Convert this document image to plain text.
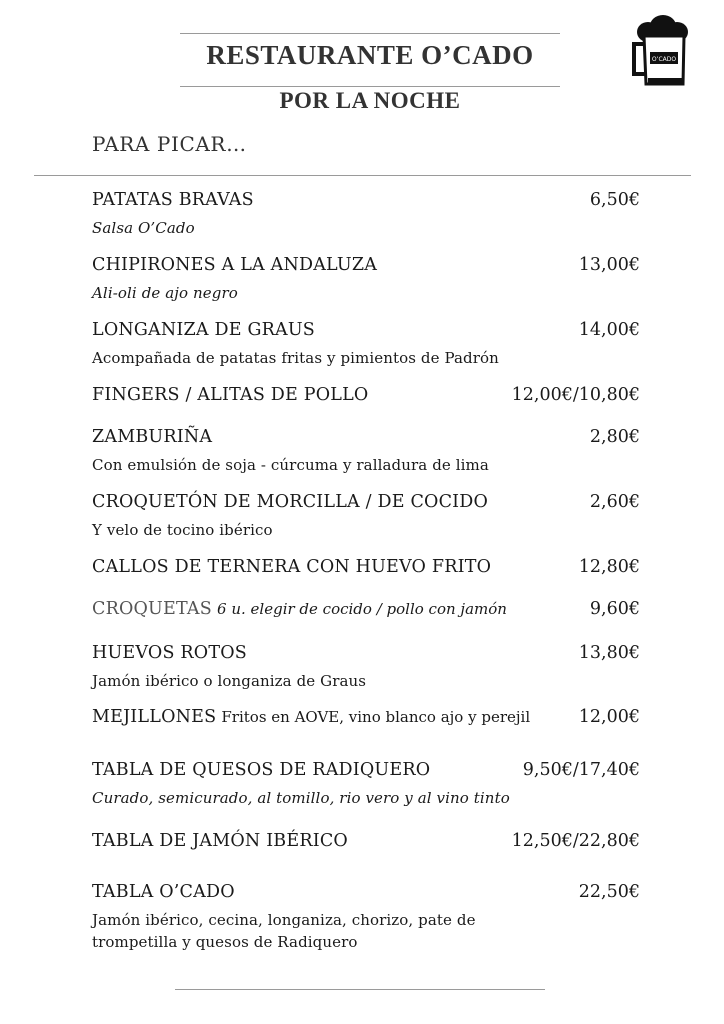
RESTAURANTE O’CADO
POR LA NOCHE
O’CADO
PARA PICAR…
PATATAS BRAVAS	6,50€
Salsa O’Cado
CHIPIRONES A LA ANDALUZA	13,00€
Ali-oli de ajo negro
LONGANIZA DE GRAUS	14,00€
Acompañada de patatas fritas y pimientos de Padrón
FINGERS / ALITAS DE POLLO	12,00€/10,80€
ZAMBURIÑA	2,80€
Con emulsión de soja - cúrcuma y ralladura de lima
CROQUETÓN DE MORCILLA / DE COCIDO	2,60€
Y velo de tocino ibérico
CALLOS DE TERNERA CON HUEVO FRITO	12,80€
CROQUETAS 6 u. elegir de cocido / pollo con jamón	9,60€
HUEVOS ROTOS	13,80€
Jamón ibérico o longaniza de Graus
MEJILLONES Fritos en AOVE, vino blanco ajo y perejil	12,00€
TABLA DE QUESOS DE RADIQUERO	9,50€/17,40€
Curado, semicurado, al tomillo, rio vero y al vino tinto
TABLA DE JAMÓN IBÉRICO	12,50€/22,80€
TABLA O’CADO	22,50€
Jamón ibérico, cecina, longaniza, chorizo, pate de
trompetilla y quesos de Radiquero
